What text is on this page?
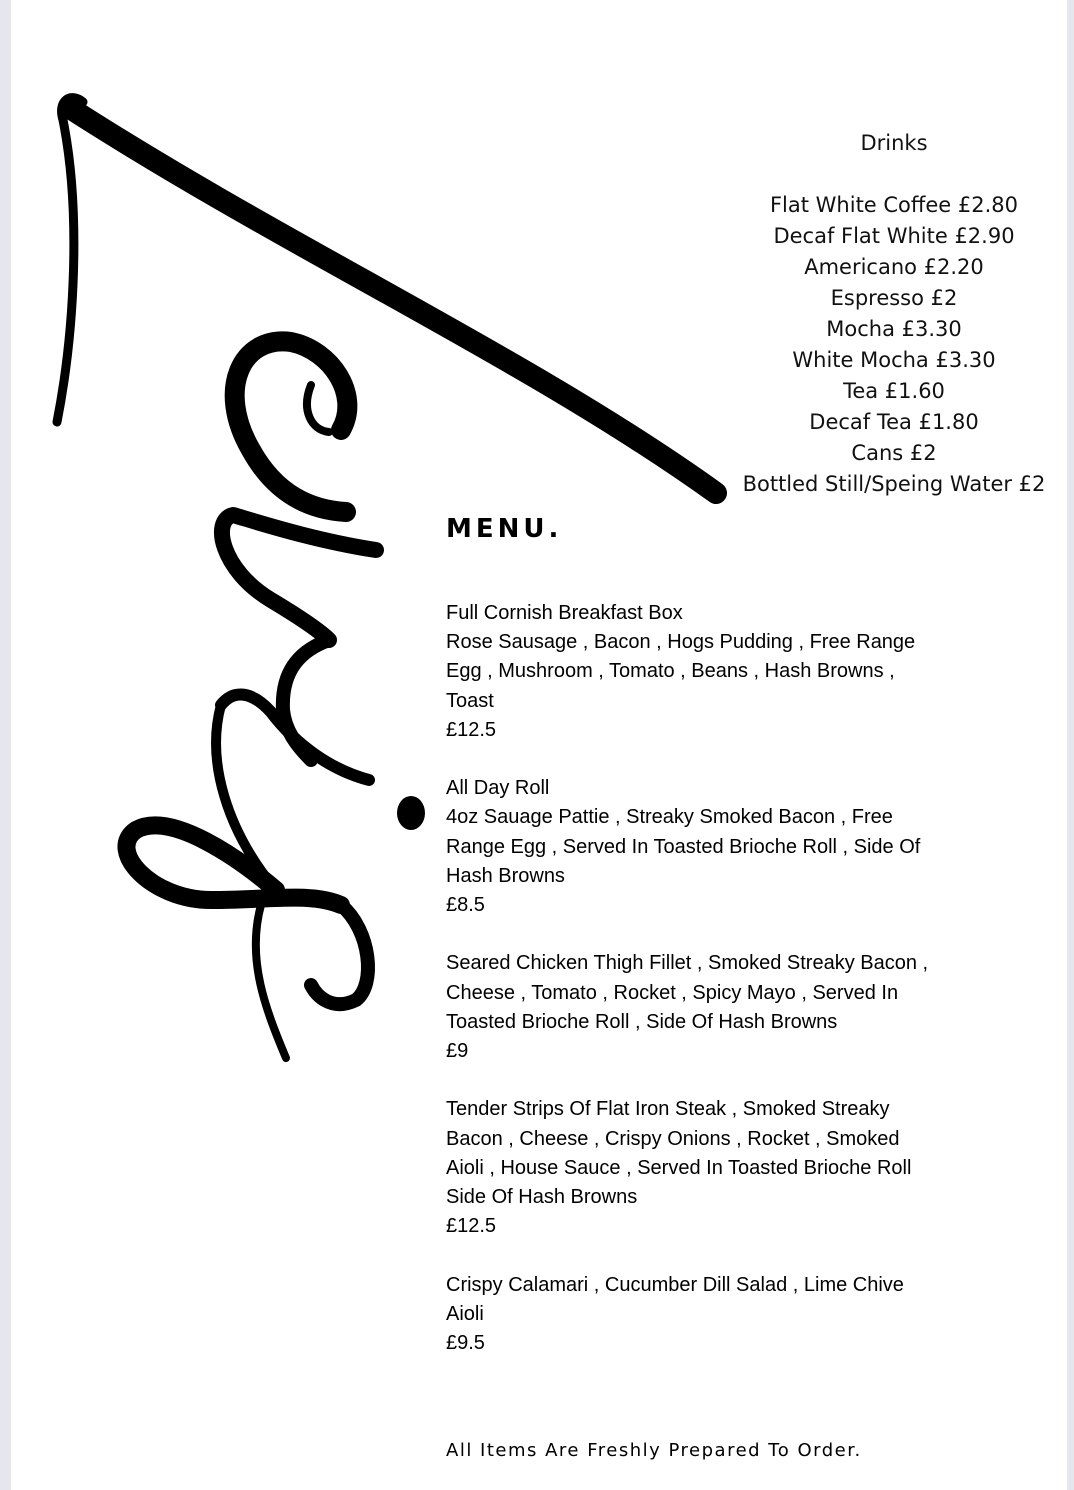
Drinks
Flat White Coffee £2.80
Decaf Flat White £2.90
Americano £2.20
Espresso £2
Mocha £3.30
White Mocha £3.30
Tea £1.60
Decaf Tea £1.80
Cans £2
Bottled Still/Speing Water £2
MENU.
Full Cornish Breakfast Box
Rose Sausage , Bacon , Hogs Pudding , Free Range
Egg , Mushroom , Tomato , Beans , Hash Browns ,
Toast
£12.5
All Day Roll
4oz Sauage Pattie , Streaky Smoked Bacon , Free
Range Egg , Served In Toasted Brioche Roll , Side Of
Hash Browns
£8.5
Seared Chicken Thigh Fillet , Smoked Streaky Bacon ,
Cheese , Tomato , Rocket , Spicy Mayo , Served In
Toasted Brioche Roll , Side Of Hash Browns
£9
Tender Strips Of Flat Iron Steak , Smoked Streaky
Bacon , Cheese , Crispy Onions , Rocket , Smoked
Aioli , House Sauce , Served In Toasted Brioche Roll
Side Of Hash Browns
£12.5
Crispy Calamari , Cucumber Dill Salad , Lime Chive
Aioli
£9.5
All Items Are Freshly Prepared To Order.
